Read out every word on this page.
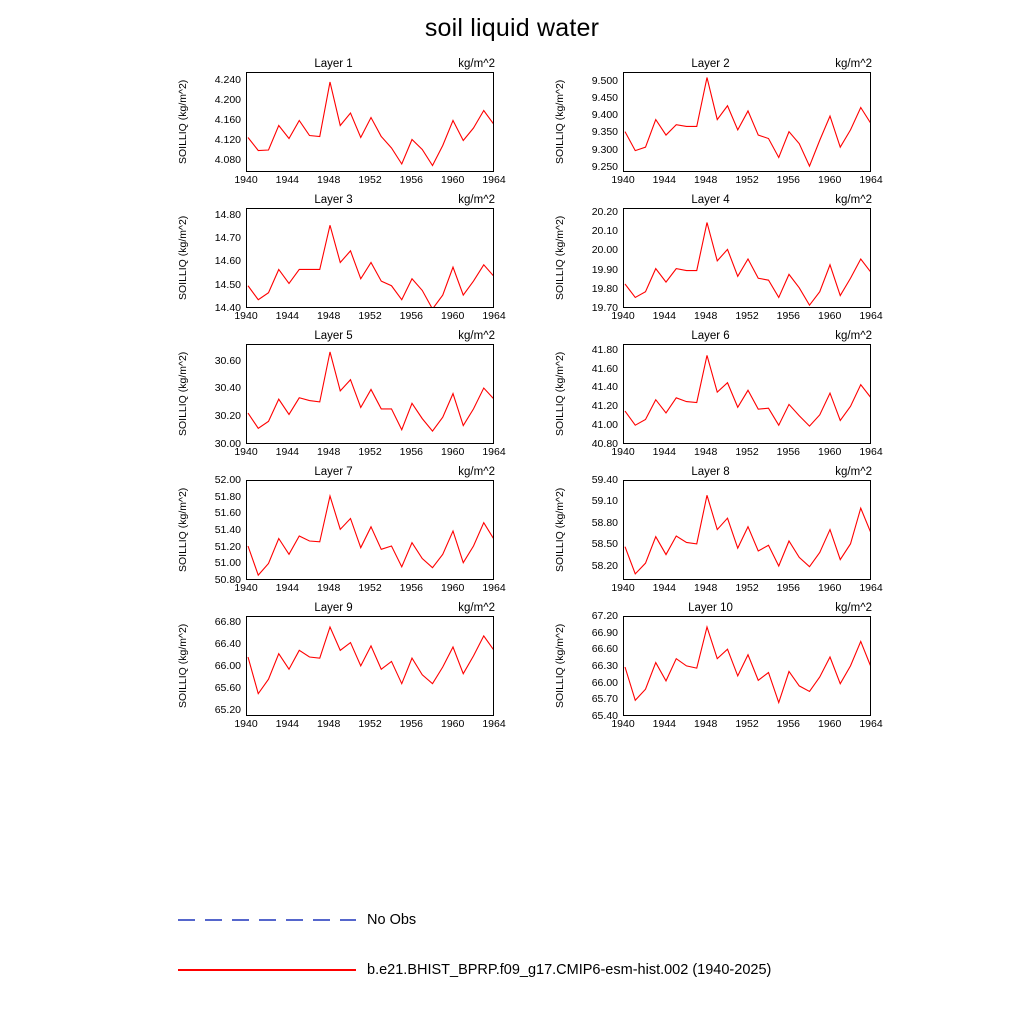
soil liquid water
Layer 1	kg/m^2
SOILLIQ (kg/m^2) 4.080
4.120
4.160
4.200
4.240
1940 1944 1948 1952 1956 1960 1964
Layer 2	kg/m^2
SOILLIQ (kg/m^2)
9.250
9.300
9.350
9.400
9.450
9.500
1940 1944 1948 1952 1956 1960 1964
Layer 3	kg/m^2
SOILLIQ (kg/m^2)
14.40
14.50
14.60
14.70
14.80
1940 1944 1948 1952 1956 1960 1964
Layer 4	kg/m^2
SOILLIQ (kg/m^2)
19.70
19.80
19.90
20.00
20.10
20.20
1940 1944 1948 1952 1956 1960 1964
Layer 5	kg/m^2
SOILLIQ (kg/m^2)
30.00
30.20
30.40
30.60
1940 1944 1948 1952 1956 1960 1964
Layer 6	kg/m^2
SOILLIQ (kg/m^2)
40.80
41.00
41.20
41.40
41.60
41.80
1940 1944 1948 1952 1956 1960 1964
Layer 7	kg/m^2
SOILLIQ (kg/m^2)
50.80
51.00
51.20
51.40
51.60
51.80
52.00
1940 1944 1948 1952 1956 1960 1964
Layer 8	kg/m^2
SOILLIQ (kg/m^2) 58.20
58.50
58.80
59.10
59.40
1940 1944 1948 1952 1956 1960 1964
Layer 9	kg/m^2
SOILLIQ (kg/m^2)
65.20
65.60
66.00
66.40
66.80
1940 1944 1948 1952 1956 1960 1964
Layer 10	kg/m^2
SOILLIQ (kg/m^2)
65.40
65.70
66.00
66.30
66.60
66.90
67.20
1940 1944 1948 1952 1956 1960 1964
No Obs
b.e21.BHIST_BPRP.f09_g17.CMIP6-esm-hist.002 (1940-2025)
